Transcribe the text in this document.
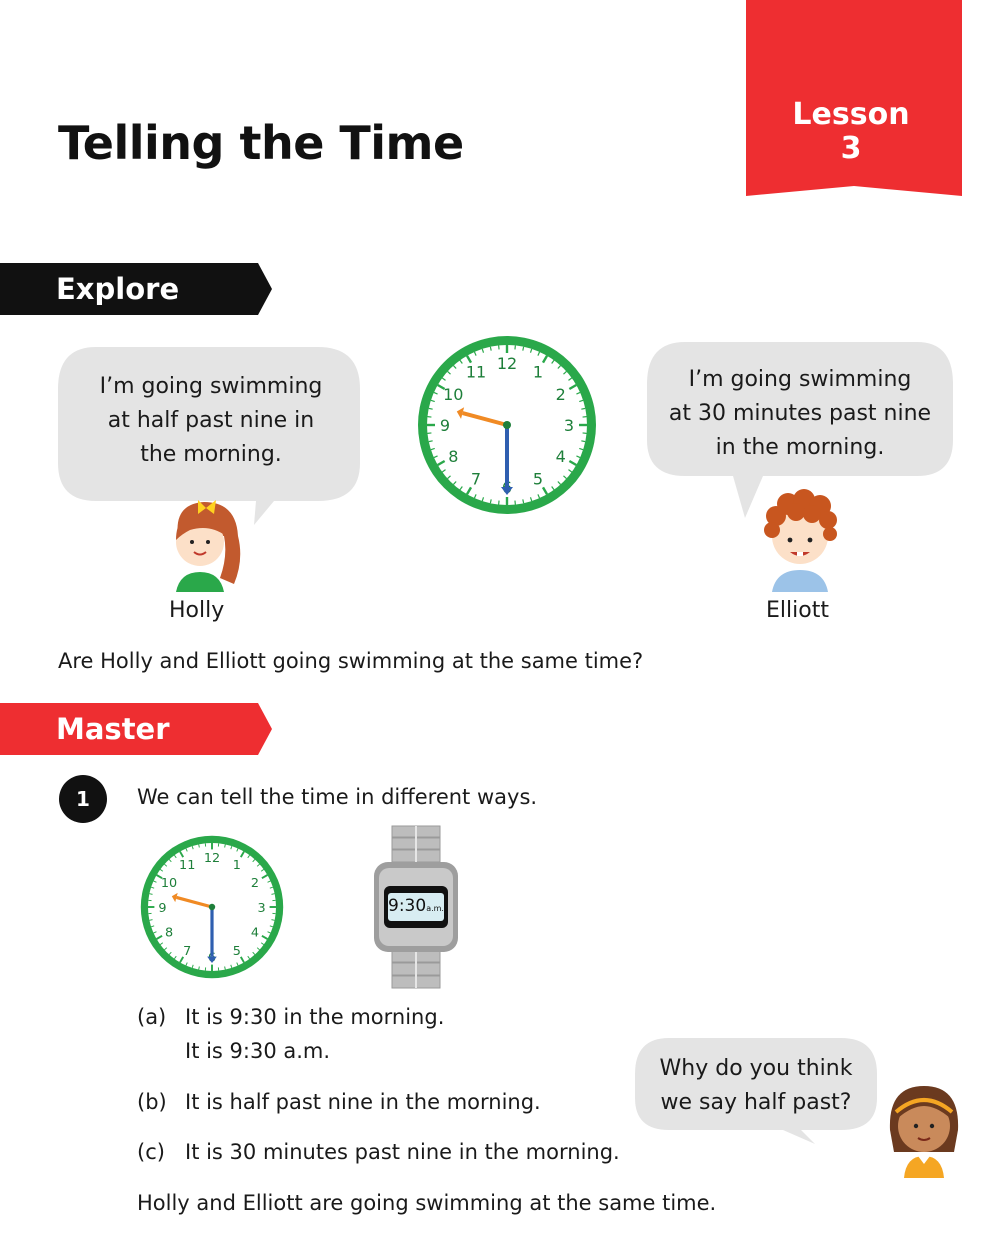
Telling the Time
Lesson
3
Explore
I’m going swimming
at half past nine in
the morning.
Holly
1
2
3
4
5
7
8
9
10
11 12
I’m going swimming
at 30 minutes past nine
in the morning.
Elliott
Are Holly and Elliott going swimming at the same time?
Master
1	We can tell the time in different ways.
1
2
3
4
5
7
8
9
10
11 12
9:30a.m.
(a) It is 9:30 in the morning.
It is 9:30 a.m.
(b) It is half past nine in the morning.
(c) It is 30 minutes past nine in the morning.
Why do you think
we say half past?
Holly and Elliott are going swimming at the same time.
